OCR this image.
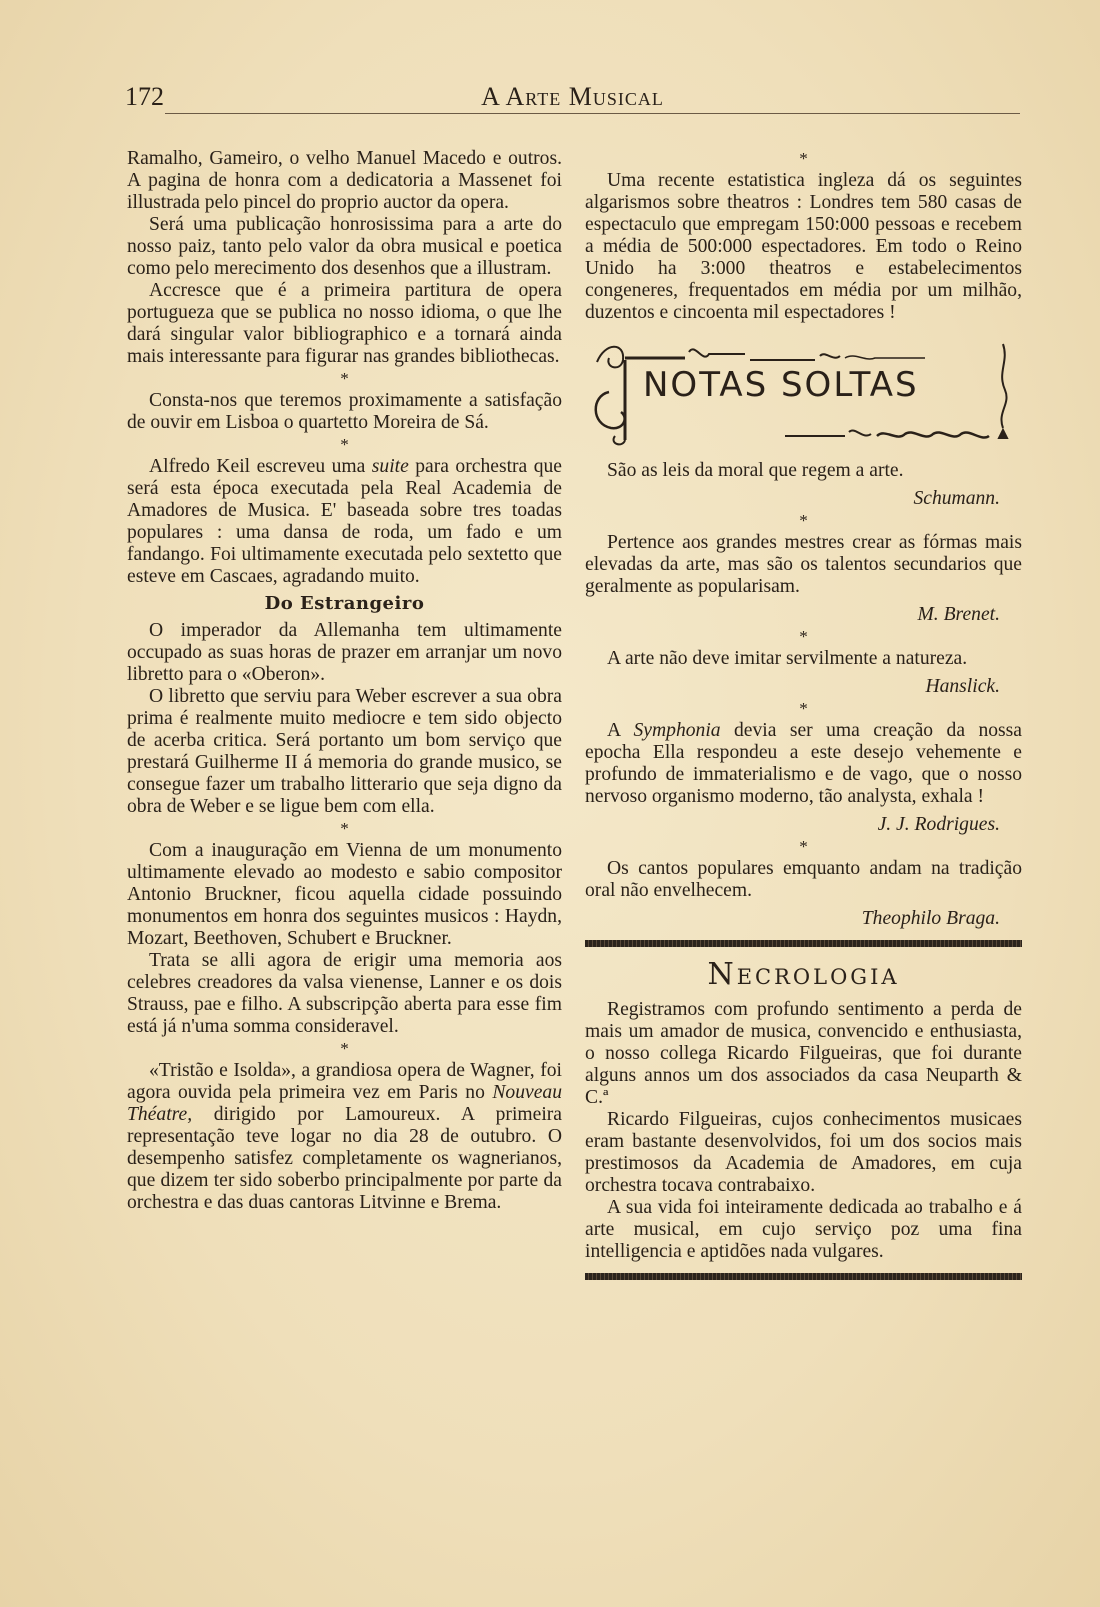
172	A Arte Musical

Ramalho, Gameiro, o velho Manuel Macedo e outros. A pagina de honra com a dedicatoria a Massenet foi illustrada pelo pincel do proprio auctor da opera.

Será uma publicação honrosissima para a arte do nosso paiz, tanto pelo valor da obra musical e poetica como pelo merecimento dos desenhos que a illustram.

Accresce que é a primeira partitura de opera portugueza que se publica no nosso idioma, o que lhe dará singular valor bibliographico e a tornará ainda mais interessante para figurar nas grandes bibliothecas.

*

Consta-nos que teremos proximamente a satisfação de ouvir em Lisboa o quartetto Moreira de Sá.

*

Alfredo Keil escreveu uma suite para orchestra que será esta época executada pela Real Academia de Amadores de Musica. E' baseada sobre tres toadas populares : uma dansa de roda, um fado e um fandango. Foi ultimamente executada pelo sextetto que esteve em Cascaes, agradando muito.

Do Estrangeiro

O imperador da Allemanha tem ultimamente occupado as suas horas de prazer em arranjar um novo libretto para o «Oberon».

O libretto que serviu para Weber escrever a sua obra prima é realmente muito mediocre e tem sido objecto de acerba critica. Será portanto um bom serviço que prestará Guilherme II á memoria do grande musico, se consegue fazer um trabalho litterario que seja digno da obra de Weber e se ligue bem com ella.

*

Com a inauguração em Vienna de um monumento ultimamente elevado ao modesto e sabio compositor Antonio Bruckner, ficou aquella cidade possuindo monumentos em honra dos seguintes musicos : Haydn, Mozart, Beethoven, Schubert e Bruckner.

Trata se alli agora de erigir uma memoria aos celebres creadores da valsa vienense, Lanner e os dois Strauss, pae e filho. A subscripção aberta para esse fim está já n'uma somma consideravel.

*

«Tristão e Isolda», a grandiosa opera de Wagner, foi agora ouvida pela primeira vez em Paris no Nouveau Théatre, dirigido por Lamoureux. A primeira representação teve logar no dia 28 de outubro. O desempenho satisfez completamente os wagnerianos, que dizem ter sido soberbo principalmente por parte da orchestra e das duas cantoras Litvinne e Brema.

*

Uma recente estatistica ingleza dá os seguintes algarismos sobre theatros : Londres tem 580 casas de espectaculo que empregam 150:000 pessoas e recebem a média de 500:000 espectadores. Em todo o Reino Unido ha 3:000 theatros e estabelecimentos congeneres, frequentados em média por um milhão, duzentos e cincoenta mil espectadores !

NOTAS SOLTAS

São as leis da moral que regem a arte.

Schumann.
*

Pertence aos grandes mestres crear as fórmas mais elevadas da arte, mas são os talentos secundarios que geralmente as popularisam.

M. Brenet.
*

A arte não deve imitar servilmente a natureza.

Hanslick.
*

A Symphonia devia ser uma creação da nossa epocha Ella respondeu a este desejo vehemente e profundo de immaterialismo e de vago, que o nosso nervoso organismo moderno, tão analysta, exhala !

J. J. Rodrigues.
*

Os cantos populares emquanto andam na tradição oral não envelhecem.

Theophilo Braga.
Necrologia

Registramos com profundo sentimento a perda de mais um amador de musica, convencido e enthusiasta, o nosso collega Ricardo Filgueiras, que foi durante alguns annos um dos associados da casa Neuparth & C.ª

Ricardo Filgueiras, cujos conhecimentos musicaes eram bastante desenvolvidos, foi um dos socios mais prestimosos da Academia de Amadores, em cuja orchestra tocava contrabaixo.

A sua vida foi inteiramente dedicada ao trabalho e á arte musical, em cujo serviço poz uma fina intelligencia e aptidões nada vulgares.
